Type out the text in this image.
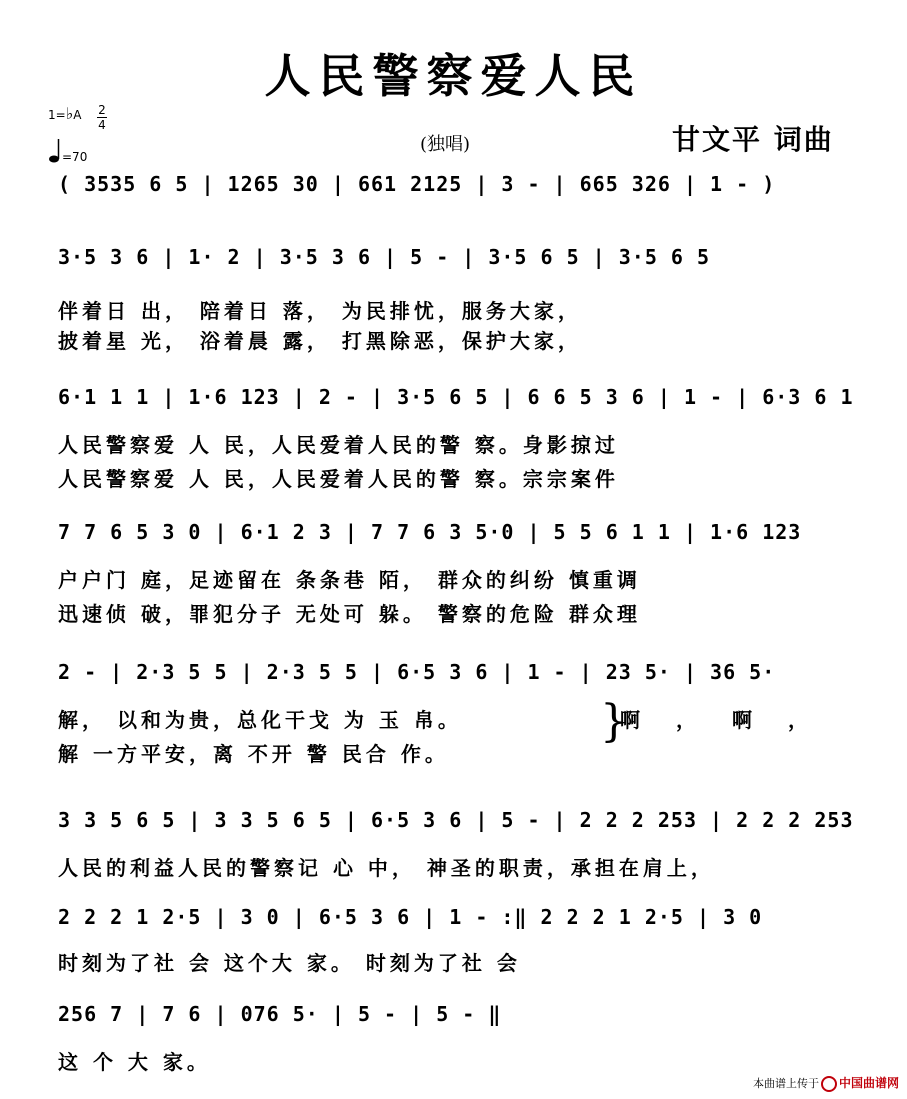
人民警察爱人民
1=♭A 2
4
=70
(独唱)	甘文平 词曲
( 3535 6 5 | 1265 30 | 661 2125 | 3 - | 665 326 | 1 - )
3·5 3 6 | 1· 2 | 3·5 3 6 | 5 - | 3·5 6 5 | 3·5 6 5
伴着日 出， 陪着日 落， 为民排忧，服务大家，
披着星 光， 浴着晨 露， 打黑除恶，保护大家，
6·1 1 1 | 1·6 123 | 2 - | 3·5 6 5 | 6 6 5 3 6 | 1 - | 6·3 6 1
人民警察爱 人 民，人民爱着人民的警 察。身影掠过
人民警察爱 人 民，人民爱着人民的警 察。宗宗案件
7 7 6 5 3 0 | 6·1 2 3 | 7 7 6 3 5·0 | 5 5 6 1 1 | 1·6 123
户户门 庭，足迹留在 条条巷 陌， 群众的纠纷 慎重调
迅速侦 破，罪犯分子 无处可 躲。 警察的危险 群众理
2 - | 2·3 5 5 | 2·3 5 5 | 6·5 3 6 | 1 - | 23 5· | 36 5·
解， 以和为贵，总化干戈 为 玉 帛。
解 一方平安，离 不开 警 民合 作。
}
啊，啊，
3 3 5 6 5 | 3 3 5 6 5 | 6·5 3 6 | 5 - | 2 2 2 253 | 2 2 2 253
人民的利益人民的警察记 心 中， 神圣的职责，承担在肩上，
2 2 2 1 2·5 | 3 0 | 6·5 3 6 | 1 - :‖ 2 2 2 1 2·5 | 3 0
时刻为了社 会 这个大 家。 时刻为了社 会
256 7 | 7 6 | 076 5· | 5 - | 5 - ‖
这 个 大 家。
本曲谱上传于 中国曲谱网
